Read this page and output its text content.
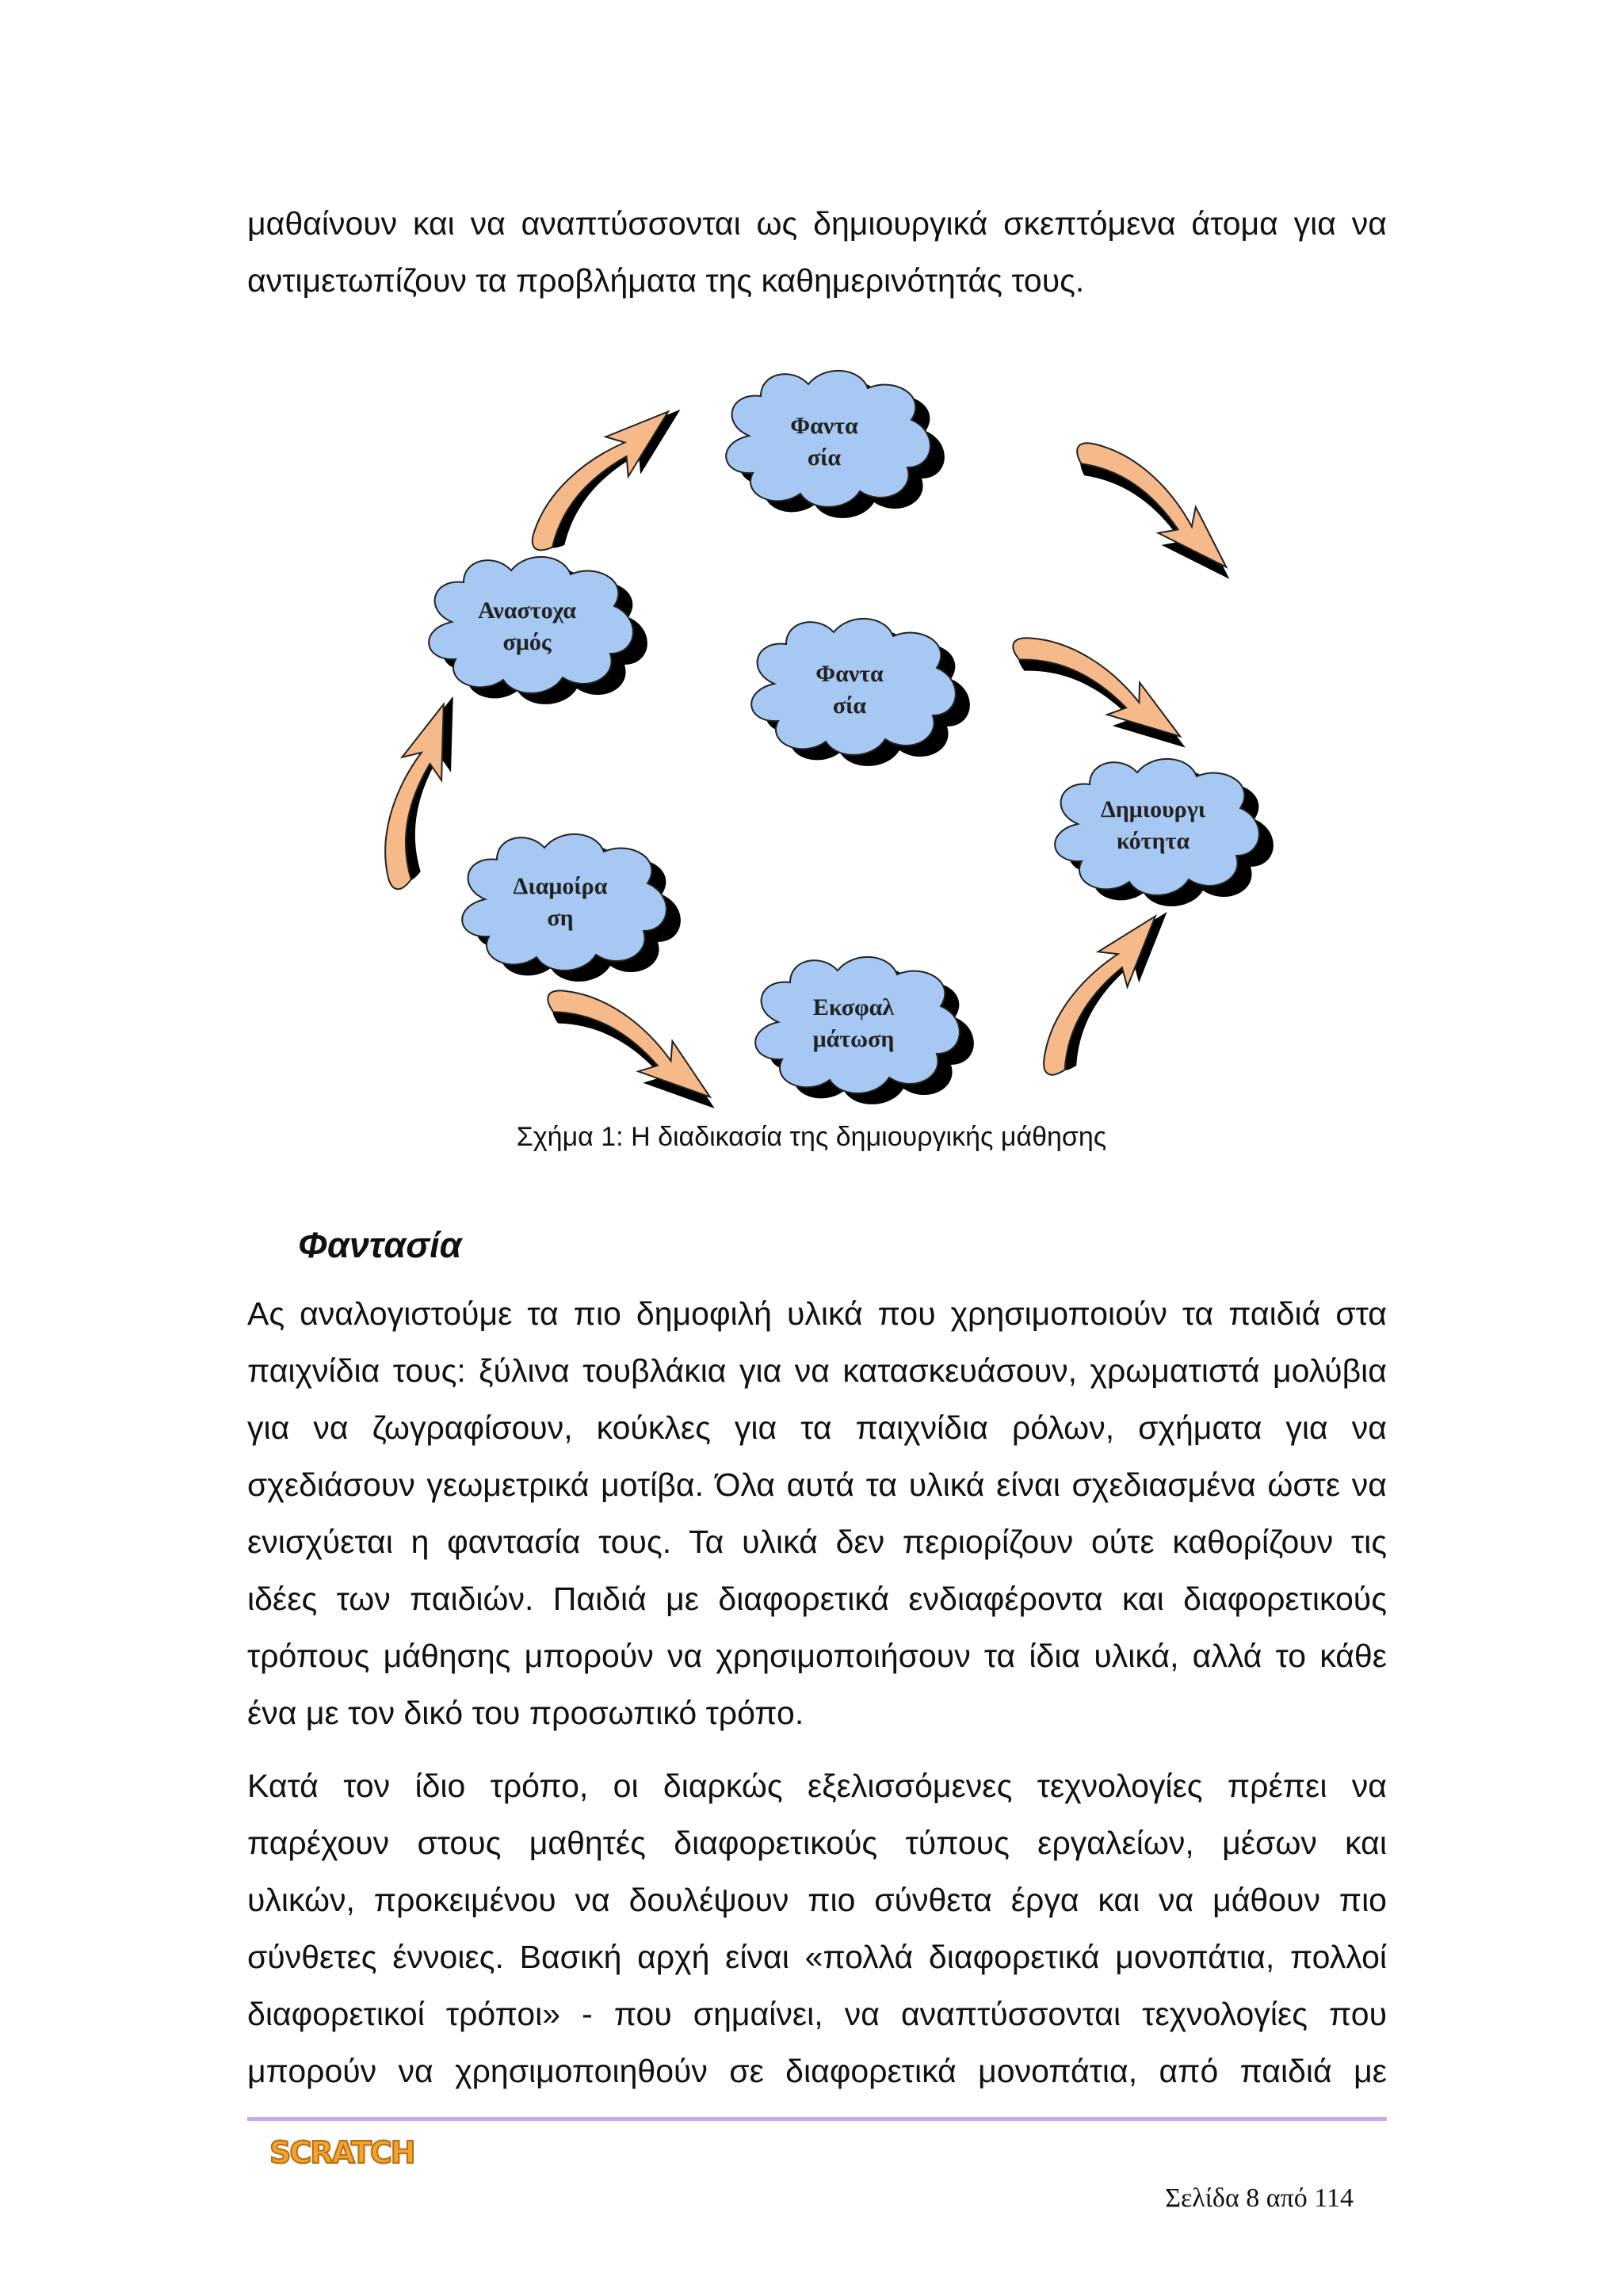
μαθαίνουν και να αναπτύσσονται ως δημιουργικά σκεπτόμενα άτομα για να

αντιμετωπίζουν τα προβλήματα της καθημερινότητάς τους.

Φαντα
σία
Αναστοχα
σμός
Φαντα
σία
Δημιουργι
κότητα
Διαμοίρα
ση
Εκσφαλ
μάτωση
Σχήμα 1: Η διαδικασία της δημιουργικής μάθησης
Φαντασία

Ας αναλογιστούμε τα πιο δημοφιλή υλικά που χρησιμοποιούν τα παιδιά στα

παιχνίδια τους: ξύλινα τουβλάκια για να κατασκευάσουν, χρωματιστά μολύβια

για να ζωγραφίσουν, κούκλες για τα παιχνίδια ρόλων, σχήματα για να

σχεδιάσουν γεωμετρικά μοτίβα. Όλα αυτά τα υλικά είναι σχεδιασμένα ώστε να

ενισχύεται η φαντασία τους. Τα υλικά δεν περιορίζουν ούτε καθορίζουν τις

ιδέες των παιδιών. Παιδιά με διαφορετικά ενδιαφέροντα και διαφορετικούς

τρόπους μάθησης μπορούν να χρησιμοποιήσουν τα ίδια υλικά, αλλά το κάθε

ένα με τον δικό του προσωπικό τρόπο.

Κατά τον ίδιο τρόπο, οι διαρκώς εξελισσόμενες τεχνολογίες πρέπει να

παρέχουν στους μαθητές διαφορετικούς τύπους εργαλείων, μέσων και

υλικών, προκειμένου να δουλέψουν πιο σύνθετα έργα και να μάθουν πιο

σύνθετες έννοιες. Βασική αρχή είναι «πολλά διαφορετικά μονοπάτια, πολλοί

διαφορετικοί τρόποι» - που σημαίνει, να αναπτύσσονται τεχνολογίες που

μπορούν να χρησιμοποιηθούν σε διαφορετικά μονοπάτια, από παιδιά με

SCRATCH
Σελίδα 8 από 114
